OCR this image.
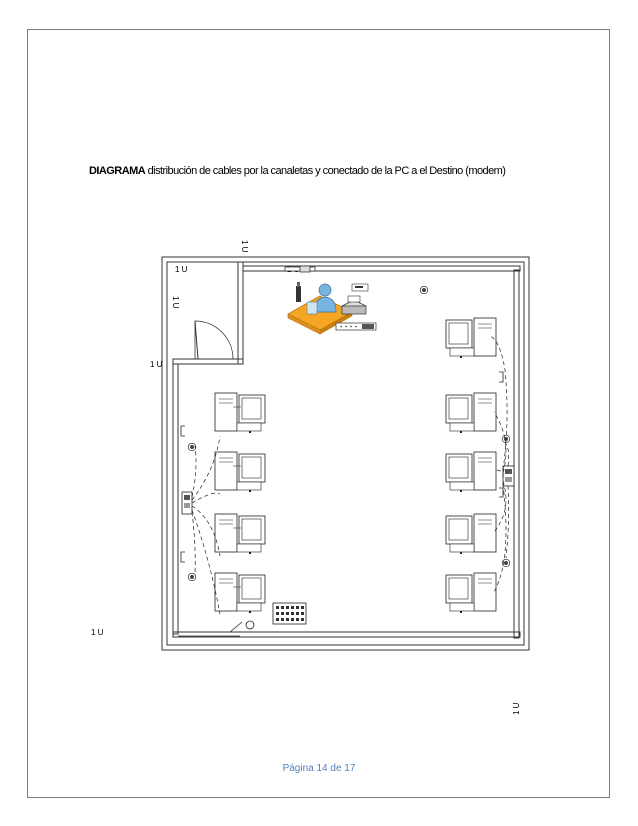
DIAGRAMA distribución de cables por la canaletas y conectado de la PC a el Destino (modem)
1 U
1 U
1 U
1 U
1 U
1 U
Página 14 de 17
